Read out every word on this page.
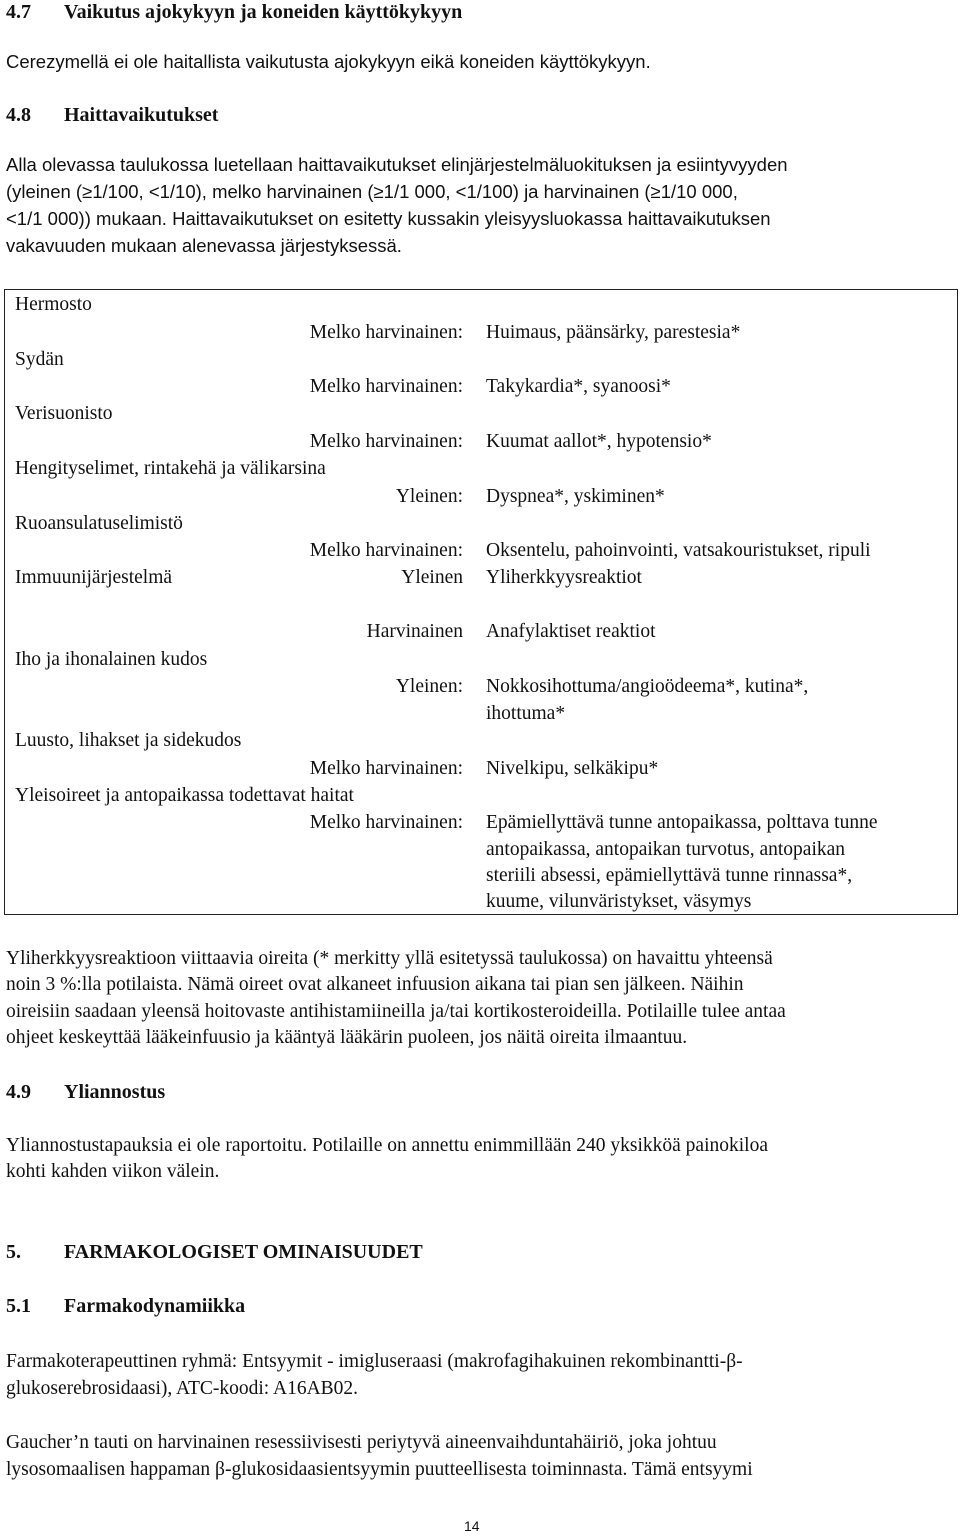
4.7 Vaikutus ajokykyyn ja koneiden käyttökykyyn
Cerezymellä ei ole haitallista vaikutusta ajokykyyn eikä koneiden käyttökykyyn.
4.8 Haittavaikutukset
Alla olevassa taulukossa luetellaan haittavaikutukset elinjärjestelmäluokituksen ja esiintyvyyden
(yleinen (≥1/100, <1/10), melko harvinainen (≥1/1 000, <1/100) ja harvinainen (≥1/10 000,
<1/1 000)) mukaan. Haittavaikutukset on esitetty kussakin yleisyysluokassa haittavaikutuksen
vakavuuden mukaan alenevassa järjestyksessä.
Hermosto
Sydän
Verisuonisto
Hengityselimet, rintakehä ja välikarsina
Ruoansulatuselimistö
Immuunijärjestelmä
Iho ja ihonalainen kudos
Luusto, lihakset ja sidekudos
Yleisoireet ja antopaikassa todettavat haitat
Melko harvinainen:
Melko harvinainen:
Melko harvinainen:
Yleinen:
Melko harvinainen:
Yleinen
Harvinainen
Yleinen:
Melko harvinainen:
Melko harvinainen:
Huimaus, päänsärky, parestesia*
Takykardia*, syanoosi*
Kuumat aallot*, hypotensio*
Dyspnea*, yskiminen*
Oksentelu, pahoinvointi, vatsakouristukset, ripuli
Yliherkkyysreaktiot
Anafylaktiset reaktiot
Nokkosihottuma/angioödeema*, kutina*,
ihottuma*
Nivelkipu, selkäkipu*
Epämiellyttävä tunne antopaikassa, polttava tunne
antopaikassa, antopaikan turvotus, antopaikan
steriili absessi, epämiellyttävä tunne rinnassa*,
kuume, vilunväristykset, väsymys
Yliherkkyysreaktioon viittaavia oireita (* merkitty yllä esitetyssä taulukossa) on havaittu yhteensä
noin 3 %:lla potilaista. Nämä oireet ovat alkaneet infuusion aikana tai pian sen jälkeen. Näihin
oireisiin saadaan yleensä hoitovaste antihistamiineilla ja/tai kortikosteroideilla. Potilaille tulee antaa
ohjeet keskeyttää lääkeinfuusio ja kääntyä lääkärin puoleen, jos näitä oireita ilmaantuu.
4.9 Yliannostus
Yliannostustapauksia ei ole raportoitu. Potilaille on annettu enimmillään 240 yksikköä painokiloa
kohti kahden viikon välein.
5. FARMAKOLOGISET OMINAISUUDET
5.1 Farmakodynamiikka
Farmakoterapeuttinen ryhmä: Entsyymit - imigluseraasi (makrofagihakuinen rekombinantti-β-
glukoserebrosidaasi), ATC-koodi: A16AB02.
Gaucher’n tauti on harvinainen resessiivisesti periytyvä aineenvaihduntahäiriö, joka johtuu
lysosomaalisen happaman β-glukosidaasientsyymin puutteellisesta toiminnasta. Tämä entsyymi
14
